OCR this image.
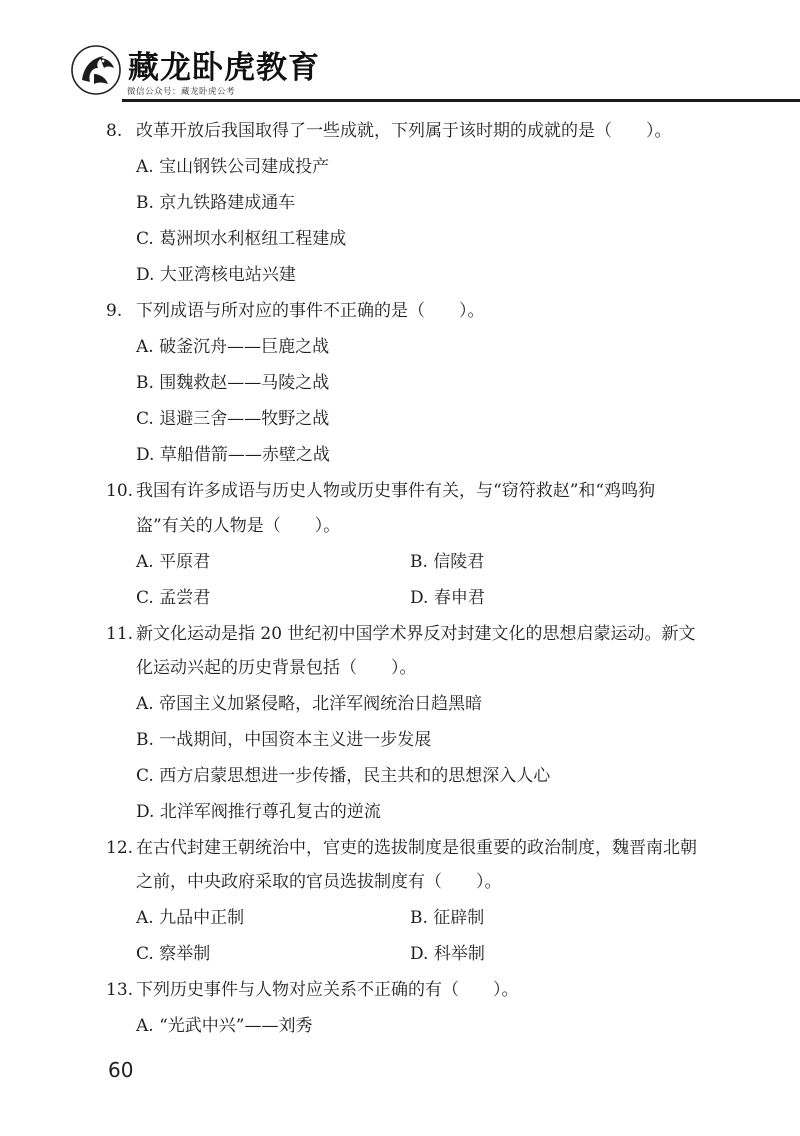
藏龙卧虎
藏龙卧虎教育
微信公众号：藏龙卧虎公考
8. 改革开放后我国取得了一些成就，下列属于该时期的成就的是（　　）。
A. 宝山钢铁公司建成投产
B. 京九铁路建成通车
C. 葛洲坝水利枢纽工程建成
D. 大亚湾核电站兴建
9. 下列成语与所对应的事件不正确的是（　　）。
A. 破釜沉舟——巨鹿之战
B. 围魏救赵——马陵之战
C. 退避三舍——牧野之战
D. 草船借箭——赤壁之战
10. 我国有许多成语与历史人物或历史事件有关，与“窃符救赵”和“鸡鸣狗
盗”有关的人物是（　　）。
A. 平原君	B. 信陵君
C. 孟尝君	D. 春申君
11. 新文化运动是指 20 世纪初中国学术界反对封建文化的思想启蒙运动。新文
化运动兴起的历史背景包括（　　）。
A. 帝国主义加紧侵略，北洋军阀统治日趋黑暗
B. 一战期间，中国资本主义进一步发展
C. 西方启蒙思想进一步传播，民主共和的思想深入人心
D. 北洋军阀推行尊孔复古的逆流
12. 在古代封建王朝统治中，官吏的选拔制度是很重要的政治制度，魏晋南北朝
之前，中央政府采取的官员选拔制度有（　　）。
A. 九品中正制	B. 征辟制
C. 察举制	D. 科举制
13. 下列历史事件与人物对应关系不正确的有（　　）。
A. “光武中兴”——刘秀
60
